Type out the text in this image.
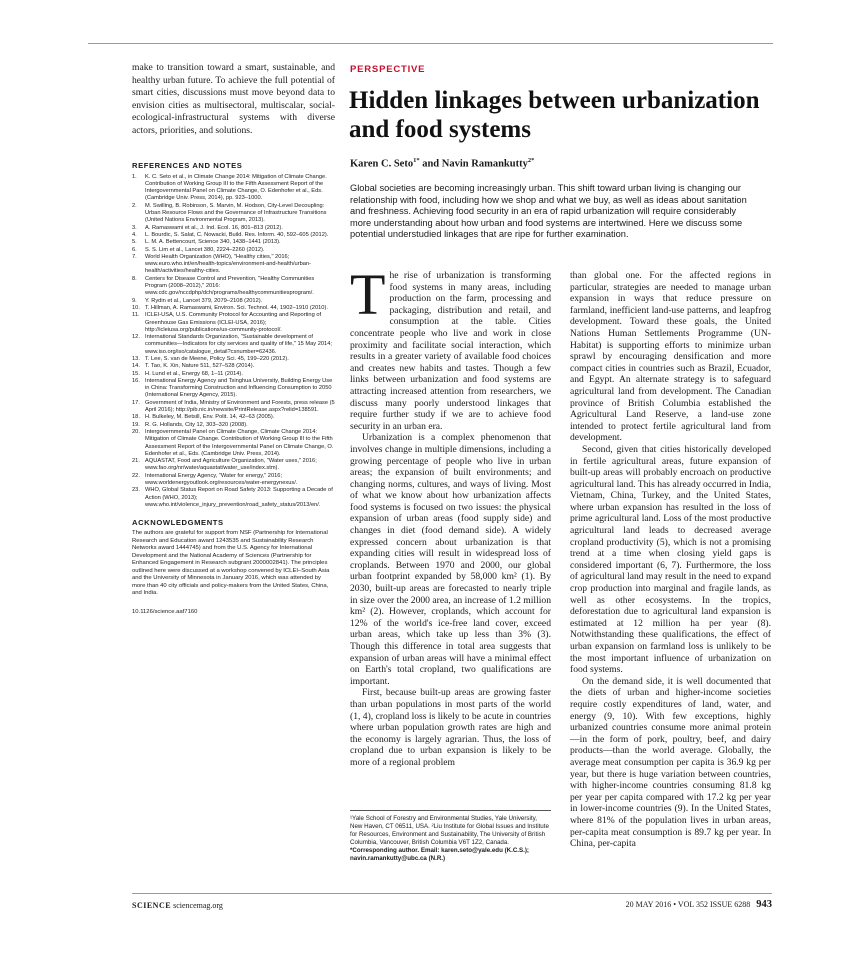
make to transition toward a smart, sustainable, and healthy urban future. To achieve the full potential of smart cities, discussions must move beyond data to envision cities as multisectoral, multiscalar, social-ecological-infrastructural systems with diverse actors, priorities, and solutions.

REFERENCES AND NOTES

1. K. C. Seto et al., in Climate Change 2014: Mitigation of Climate Change. Contribution of Working Group III to the Fifth Assessment Report of the Intergovernmental Panel on Climate Change, O. Edenhofer et al., Eds. (Cambridge Univ. Press, 2014), pp. 923–1000.
2. M. Swilling, B. Robinson, S. Marvin, M. Hodson, City-Level Decoupling: Urban Resource Flows and the Governance of Infrastructure Transitions (United Nations Environmental Program, 2013).
3. A. Ramaswami et al., J. Ind. Ecol. 16, 801–813 (2012).
4. L. Bourdic, S. Salat, C. Nowacki, Build. Res. Inform. 40, 592–605 (2012).
5. L. M. A. Bettencourt, Science 340, 1438–1441 (2013).
6. S. S. Lim et al., Lancet 380, 2224–2260 (2012).
7. World Health Organization (WHO), "Healthy cities," 2016; www.euro.who.int/en/health-topics/environment-and-health/urban-health/activities/healthy-cities.
8. Centers for Disease Control and Prevention, "Healthy Communities Program (2008–2012)," 2016: www.cdc.gov/nccdphp/dch/programs/healthycommunitiesprogram/.
9. Y. Rydin et al., Lancet 379, 2079–2108 (2012).
10. T. Hillman, A. Ramaswami, Environ. Sci. Technol. 44, 1902–1910 (2010).
11. ICLEI-USA, U.S. Community Protocol for Accounting and Reporting of Greenhouse Gas Emissions (ICLEI-USA, 2016); http://icleiusa.org/publications/us-community-protocol/.
12. International Standards Organization, "Sustainable development of communities—Indicators for city services and quality of life," 15 May 2014; www.iso.org/iso/catalogue_detail?csnumber=62436.
13. T. Lee, S. van de Meene, Policy Sci. 45, 199–220 (2012).
14. T. Tao, K. Xin, Nature 511, 527–528 (2014).
15. H. Lund et al., Energy 68, 1–11 (2014).
16. International Energy Agency and Tsinghua University, Building Energy Use in China: Transforming Construction and Influencing Consumption to 2050 (International Energy Agency, 2015).
17. Government of India, Ministry of Environment and Forests, press release (5 April 2016); http://pib.nic.in/newsite/PrintRelease.aspx?relid=138591.
18. H. Bulkeley, M. Betsill, Env. Polit. 14, 42–63 (2005).
19. R. G. Hollands, City 12, 303–320 (2008).
20. Intergovernmental Panel on Climate Change, Climate Change 2014: Mitigation of Climate Change. Contribution of Working Group III to the Fifth Assessment Report of the Intergovernmental Panel on Climate Change, O. Edenhofer et al., Eds. (Cambridge Univ. Press, 2014).
21. AQUASTAT, Food and Agriculture Organization, "Water uses," 2016; www.fao.org/nr/water/aquastat/water_use/index.stm).
22. International Energy Agency, "Water for energy," 2016; www.worldenergyoutlook.org/resources/water-energynexus/.
23. WHO, Global Status Report on Road Safety 2013: Supporting a Decade of Action (WHO, 2013); www.who.int/violence_injury_prevention/road_safety_status/2013/en/.

ACKNOWLEDGMENTS

The authors are grateful for support from NSF (Partnership for International Research and Education award 1243535 and Sustainability Research Networks award 1444745) and from the U.S. Agency for International Development and the National Academy of Sciences (Partnership for Enhanced Engagement in Research subgrant 2000002841). The principles outlined here were discussed at a workshop convened by ICLEI–South Asia and the University of Minnesota in January 2016, which was attended by more than 40 city officials and policy-makers from the United States, China, and India.

10.1126/science.aaf7160

PERSPECTIVE
Hidden linkages between urbanization and food systems
Karen C. Seto$^{1*}$ and Navin Ramankutty$^{2*}$

Global societies are becoming increasingly urban. This shift toward urban living is changing our relationship with food, including how we shop and what we buy, as well as ideas about sanitation and freshness. Achieving food security in an era of rapid urbanization will require considerably more understanding about how urban and food systems are intertwined. Here we discuss some potential understudied linkages that are ripe for further examination.

The rise of urbanization is transforming food systems in many areas, including production on the farm, processing and packaging, distribution and retail, and consumption at the table. Cities concentrate people who live and work in close proximity and facilitate social interaction, which results in a greater variety of available food choices and creates new habits and tastes. Though a few links between urbanization and food systems are attracting increased attention from researchers, we discuss many poorly understood linkages that require further study if we are to achieve food security in an urban era.

Urbanization is a complex phenomenon that involves change in multiple dimensions, including a growing percentage of people who live in urban areas; the expansion of built environments; and changing norms, cultures, and ways of living. Most of what we know about how urbanization affects food systems is focused on two issues: the physical expansion of urban areas (food supply side) and changes in diet (food demand side). A widely expressed concern about urbanization is that expanding cities will result in widespread loss of croplands. Between 1970 and 2000, our global urban footprint expanded by 58,000 km² (1). By 2030, built-up areas are forecasted to nearly triple in size over the 2000 area, an increase of 1.2 million km² (2). However, croplands, which account for 12% of the world's ice-free land cover, exceed urban areas, which take up less than 3% (3). Though this difference in total area suggests that expansion of urban areas will have a minimal effect on Earth's total cropland, two qualifications are important.

First, because built-up areas are growing faster than urban populations in most parts of the world (1, 4), cropland loss is likely to be acute in countries where urban population growth rates are high and the economy is largely agrarian. Thus, the loss of cropland due to urban expansion is likely to be more of a regional problem

than global one. For the affected regions in particular, strategies are needed to manage urban expansion in ways that reduce pressure on farmland, inefficient land-use patterns, and leapfrog development. Toward these goals, the United Nations Human Settlements Programme (UN-Habitat) is supporting efforts to minimize urban sprawl by encouraging densification and more compact cities in countries such as Brazil, Ecuador, and Egypt. An alternate strategy is to safeguard agricultural land from development. The Canadian province of British Columbia established the Agricultural Land Reserve, a land-use zone intended to protect fertile agricultural land from development.

Second, given that cities historically developed in fertile agricultural areas, future expansion of built-up areas will probably encroach on productive agricultural land. This has already occurred in India, Vietnam, China, Turkey, and the United States, where urban expansion has resulted in the loss of prime agricultural land. Loss of the most productive agricultural land leads to decreased average cropland productivity (5), which is not a promising trend at a time when closing yield gaps is considered important (6, 7). Furthermore, the loss of agricultural land may result in the need to expand crop production into marginal and fragile lands, as well as other ecosystems. In the tropics, deforestation due to agricultural land expansion is estimated at 12 million ha per year (8). Notwithstanding these qualifications, the effect of urban expansion on farmland loss is unlikely to be the most important influence of urbanization on food systems.

On the demand side, it is well documented that the diets of urban and higher-income societies require costly expenditures of land, water, and energy (9, 10). With few exceptions, highly urbanized countries consume more animal protein—in the form of pork, poultry, beef, and dairy products—than the world average. Globally, the average meat consumption per capita is 36.9 kg per year, but there is huge variation between countries, with higher-income countries consuming 81.8 kg per year per capita compared with 17.2 kg per year in lower-income countries (9). In the United States, where 81% of the population lives in urban areas, per-capita meat consumption is 89.7 kg per year. In China, per-capita

¹Yale School of Forestry and Environmental Studies, Yale University, New Haven, CT 06511, USA. ²Liu Institute for Global Issues and Institute for Resources, Environment and Sustainability, The University of British Columbia, Vancouver, British Columbia V6T 1Z2, Canada.
*Corresponding author. Email: karen.seto@yale.edu (K.C.S.); navin.ramankutty@ubc.ca (N.R.)

SCIENCE sciencemag.org	20 MAY 2016 • VOL 352 ISSUE 6288 943
